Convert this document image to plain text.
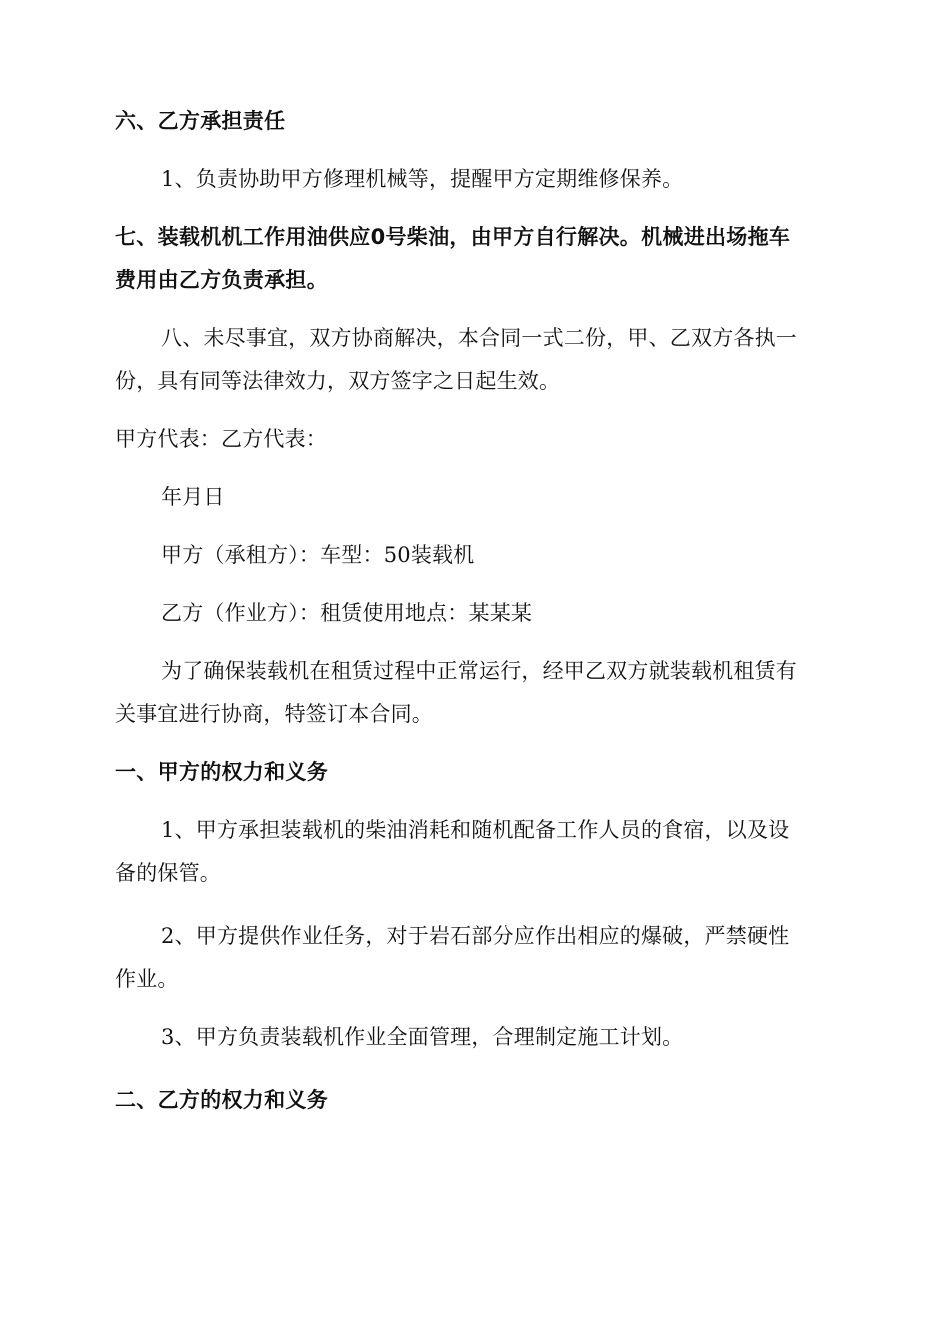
六、乙方承担责任

1、负责协助甲方修理机械等，提醒甲方定期维修保养。

七、装载机机工作用油供应0号柴油，由甲方自行解决。机械进出场拖车

费用由乙方负责承担。

八、未尽事宜，双方协商解决，本合同一式二份，甲、乙双方各执一

份，具有同等法律效力，双方签字之日起生效。

甲方代表：乙方代表：

年月日

甲方（承租方）：车型：50装载机

乙方（作业方）：租赁使用地点：某某某

为了确保装载机在租赁过程中正常运行，经甲乙双方就装载机租赁有

关事宜进行协商，特签订本合同。

一、甲方的权力和义务

1、甲方承担装载机的柴油消耗和随机配备工作人员的食宿，以及设

备的保管。

2、甲方提供作业任务，对于岩石部分应作出相应的爆破，严禁硬性

作业。

3、甲方负责装载机作业全面管理，合理制定施工计划。

二、乙方的权力和义务
